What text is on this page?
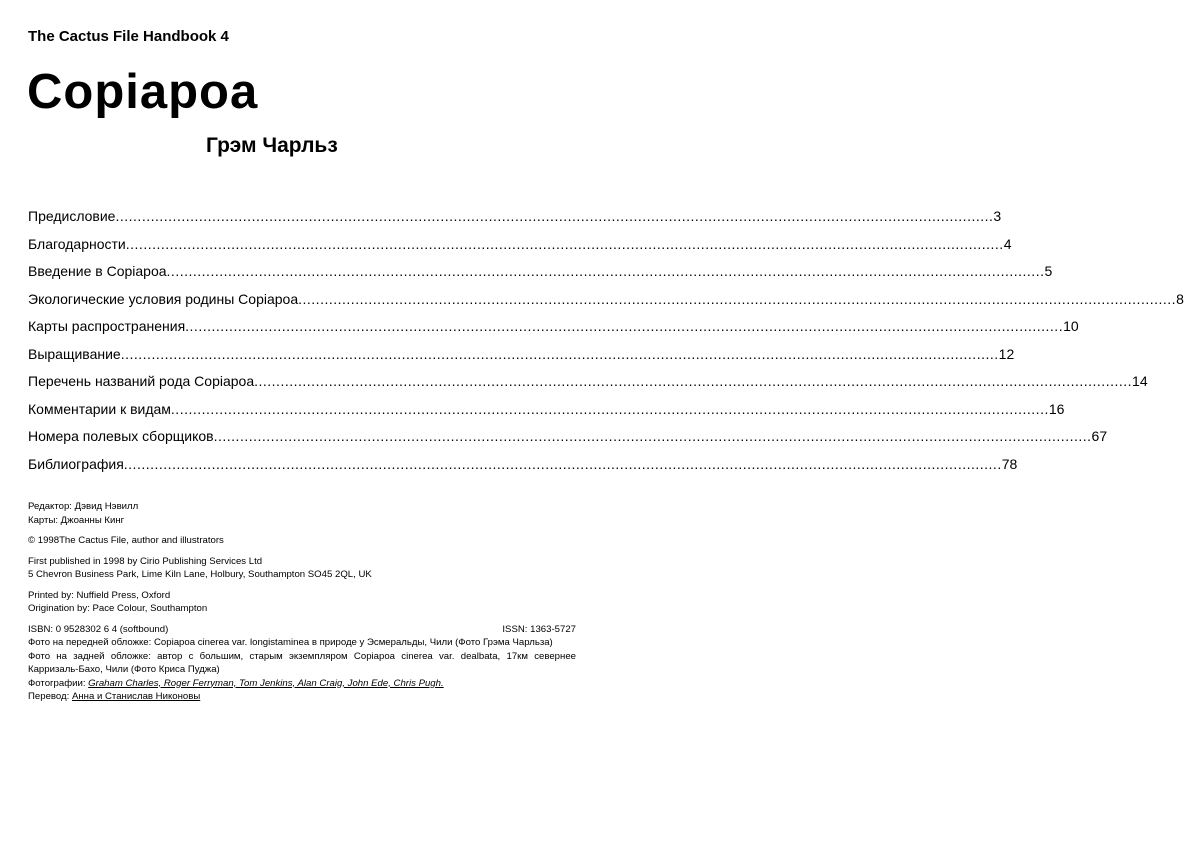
The Cactus File Handbook 4
Copiapoa
Грэм Чарльз
Предисловие ........................................................................................................................................................................................................ 3
Благодарности ........................................................................................................................................................................................................ 4
Введение в Copiapoa ........................................................................................................................................................................................................ 5
Экологические условия родины Copiapoa ........................................................................................................................................................................................................ 8
Карты распространения ........................................................................................................................................................................................................ 10
Выращивание ........................................................................................................................................................................................................ 12
Перечень названий рода Copiapoa ........................................................................................................................................................................................................ 14
Комментарии к видам ........................................................................................................................................................................................................ 16
Номера полевых сборщиков ........................................................................................................................................................................................................ 67
Библиография ........................................................................................................................................................................................................ 78

Редактор: Дэвид Нэвилл
Карты: Джоанны Кинг

© 1998The Cactus File, author and illustrators

First published in 1998 by Cirio Publishing Services Ltd
5 Chevron Business Park, Lime Kiln Lane, Holbury, Southampton SO45 2QL, UK

Printed by: Nuffield Press, Oxford
Origination by: Pace Colour, Southampton

ISBN: 0 9528302 6 4 (softbound)	ISSN: 1363-5727
Фото на передней обложке: Copiapoa cinerea var. longistaminea в природе у Эсмеральды, Чили (Фото Грэма Чарльза)
Фото на задней обложке: автор с большим, старым экземпляром Copiapoa cinerea var. dealbata, 17км севернее Карризаль-Бахо, Чили (Фото Криса Пуджа)
Фотографии: Graham Charles, Roger Ferryman, Tom Jenkins, Alan Craig, John Ede, Chris Pugh.
Перевод: Анна и Станислав Никоновы
